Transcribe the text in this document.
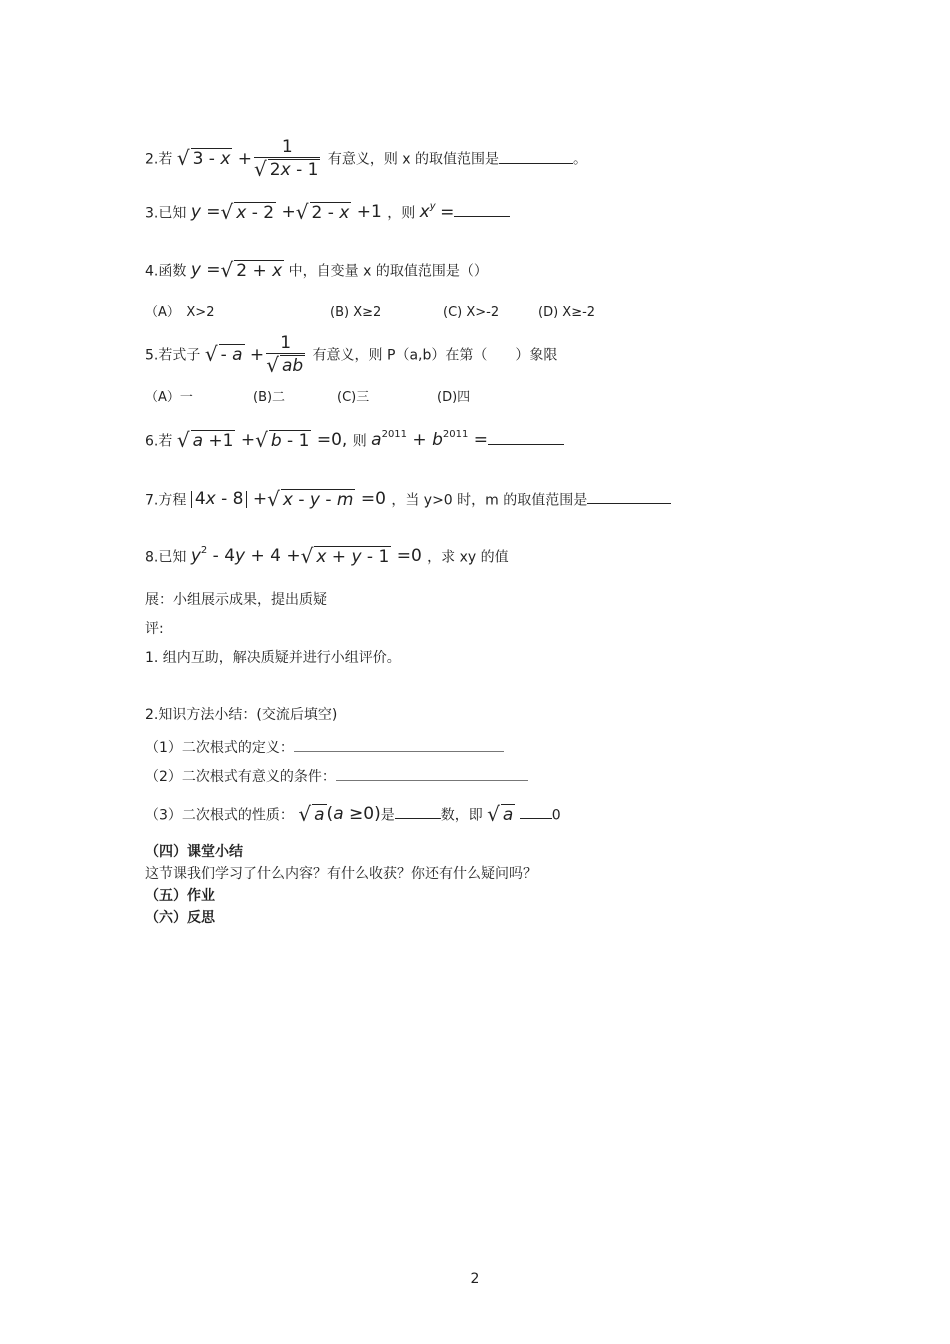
2.若 √ $3 - x + \frac{1}{√ 2x - 1}$ 有意义，则 x 的取值范围是	。
3.已知 y = √ x - 2 + √ 2 - x +1 ，则 $x^y$ =
4.函数 y = √ 2 + x 中，自变量 x 的取值范围是（）
（A）　X>2	(B) X≥2	(C) X>-2	(D) X≥-2
5.若式子 √ - $a + \frac{1}{√ ab}$ 有意义，则 P（a,b）在第（　　）象限
（A）一	(B)二	(C)三	(D)四
6.若 √ a +1 + √ b - 1 =0, 则 $a^{2011} + b^{2011}$ =
7.方程 4x - 8 + √ x - y - m =0 ，当 y>0 时，m 的取值范围是
8.已知 $y^2 - 4y + 4$ + √ x + y - 1 =0 ，求 xy 的值
展：小组展示成果，提出质疑
评:
1. 组内互助，解决质疑并进行小组评价。
2.知识方法小结：(交流后填空)
（1）二次根式的定义：
（2）二次根式有意义的条件：
（3）二次根式的性质： √ a (a ≥0)是	数，即 √ a	0
（四）课堂小结
这节课我们学习了什么内容？有什么收获？你还有什么疑问吗？
（五）作业
（六）反思
2
